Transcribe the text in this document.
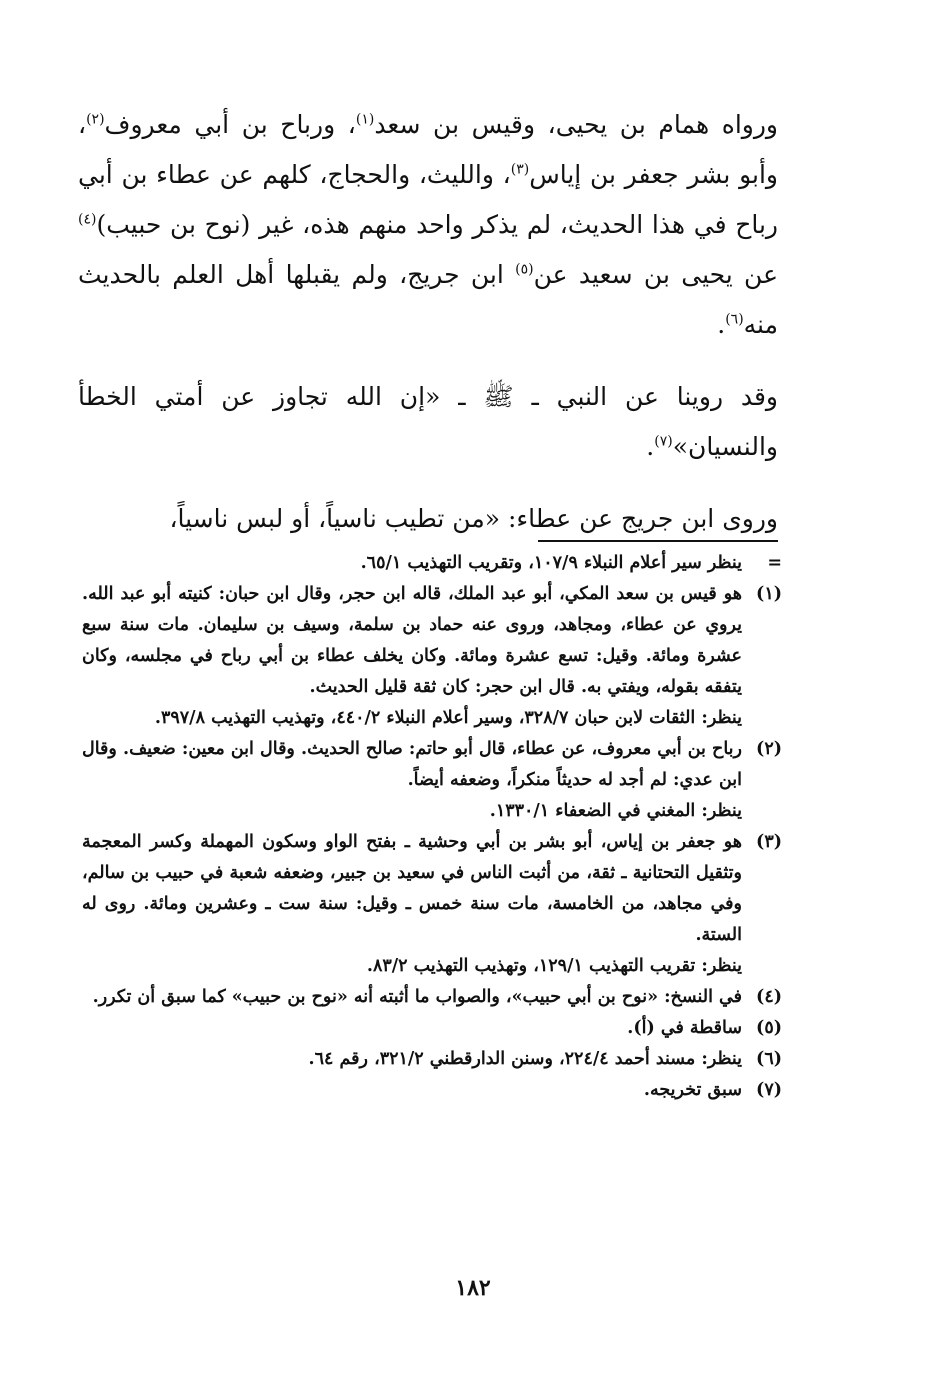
ورواه همام بن يحيى، وقيس بن سعد$^{(١)}$، ورباح بن أبي معروف$^{(٢)}$، وأبو بشر جعفر بن إياس$^{(٣)}$، والليث، والحجاج، كلهم عن عطاء بن أبي رباح في هذا الحديث، لم يذكر واحد منهم هذه، غير (نوح بن حبيب)$^{(٤)}$ عن يحيى بن سعيد عن$^{(٥)}$ ابن جريج، ولم يقبلها أهل العلم بالحديث منه$^{(٦)}$.

وقد روينا عن النبي ـ ﷺ ـ «إن الله تجاوز عن أمتي الخطأ والنسيان»$^{(٧)}$.

وروى ابن جريج عن عطاء: «من تطيب ناسياً، أو لبس ناسياً،

=
ينظر سير أعلام النبلاء ١٠٧/٩، وتقريب التهذيب ٦٥/١.
(١)
هو قيس بن سعد المكي، أبو عبد الملك، قاله ابن حجر، وقال ابن حبان: كنيته أبو عبد الله. يروي عن عطاء، ومجاهد، وروى عنه حماد بن سلمة، وسيف بن سليمان. مات سنة سبع عشرة ومائة. وقيل: تسع عشرة ومائة. وكان يخلف عطاء بن أبي رباح في مجلسه، وكان يتفقه بقوله، ويفتي به. قال ابن حجر: كان ثقة قليل الحديث.
ينظر: الثقات لابن حبان ٣٢٨/٧، وسير أعلام النبلاء ٤٤٠/٢، وتهذيب التهذيب ٣٩٧/٨.
(٢)
رباح بن أبي معروف، عن عطاء، قال أبو حاتم: صالح الحديث. وقال ابن معين: ضعيف. وقال ابن عدي: لم أجد له حديثاً منكراً، وضعفه أيضاً.
ينظر: المغني في الضعفاء ١٣٣٠/١.
(٣)
هو جعفر بن إياس، أبو بشر بن أبي وحشية ـ بفتح الواو وسكون المهملة وكسر المعجمة وتثقيل التحتانية ـ ثقة، من أثبت الناس في سعيد بن جبير، وضعفه شعبة في حبيب بن سالم، وفي مجاهد، من الخامسة، مات سنة خمس ـ وقيل: سنة ست ـ وعشرين ومائة. روى له الستة.
ينظر: تقريب التهذيب ١٢٩/١، وتهذيب التهذيب ٨٣/٢.
(٤)
في النسخ: «نوح بن أبي حبيب»، والصواب ما أثبته أنه «نوح بن حبيب» كما سبق أن تكرر.
(٥)
ساقطة في (أ).
(٦)
ينظر: مسند أحمد ٢٢٤/٤، وسنن الدارقطني ٣٢١/٢، رقم ٦٤.
(٧)
سبق تخريجه.
١٨٢
